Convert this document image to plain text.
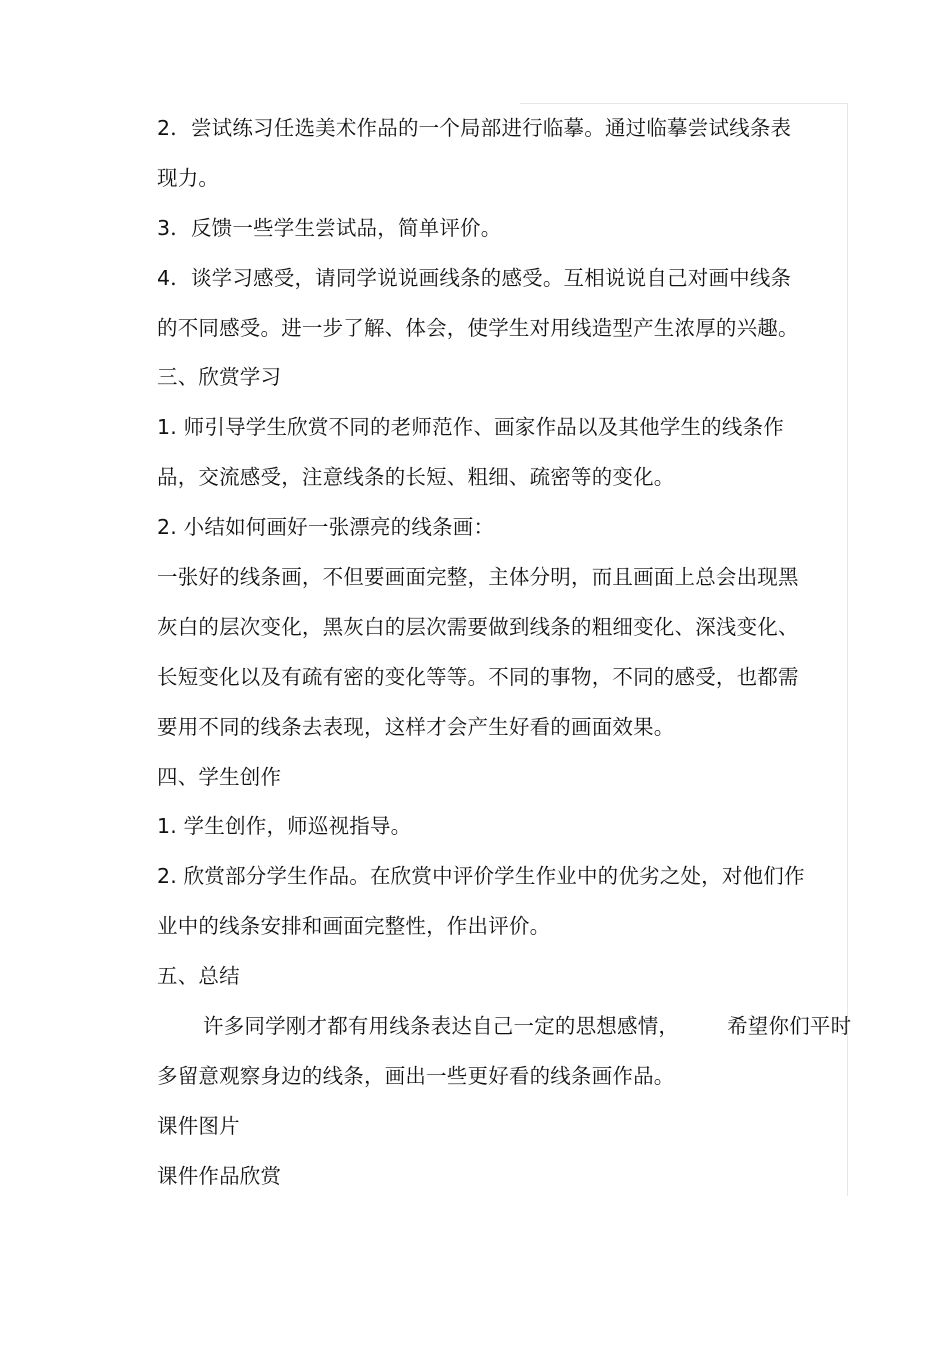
2．尝试练习任选美术作品的一个局部进行临摹。通过临摹尝试线条表
现力。
3．反馈一些学生尝试品，简单评价。
4．谈学习感受，请同学说说画线条的感受。互相说说自己对画中线条
的不同感受。进一步了解、体会，使学生对用线造型产生浓厚的兴趣。
三、欣赏学习
1. 师引导学生欣赏不同的老师范作、画家作品以及其他学生的线条作
品，交流感受，注意线条的长短、粗细、疏密等的变化。
2. 小结如何画好一张漂亮的线条画：
一张好的线条画，不但要画面完整，主体分明，而且画面上总会出现黑
灰白的层次变化，黑灰白的层次需要做到线条的粗细变化、深浅变化、
长短变化以及有疏有密的变化等等。不同的事物，不同的感受，也都需
要用不同的线条去表现，这样才会产生好看的画面效果。
四、学生创作
1. 学生创作，师巡视指导。
2. 欣赏部分学生作品。在欣赏中评价学生作业中的优劣之处，对他们作
业中的线条安排和画面完整性，作出评价。
五、总结
许多同学刚才都有用线条表达自己一定的思想感情， 希望你们平时
多留意观察身边的线条，画出一些更好看的线条画作品。
课件图片
课件作品欣赏
